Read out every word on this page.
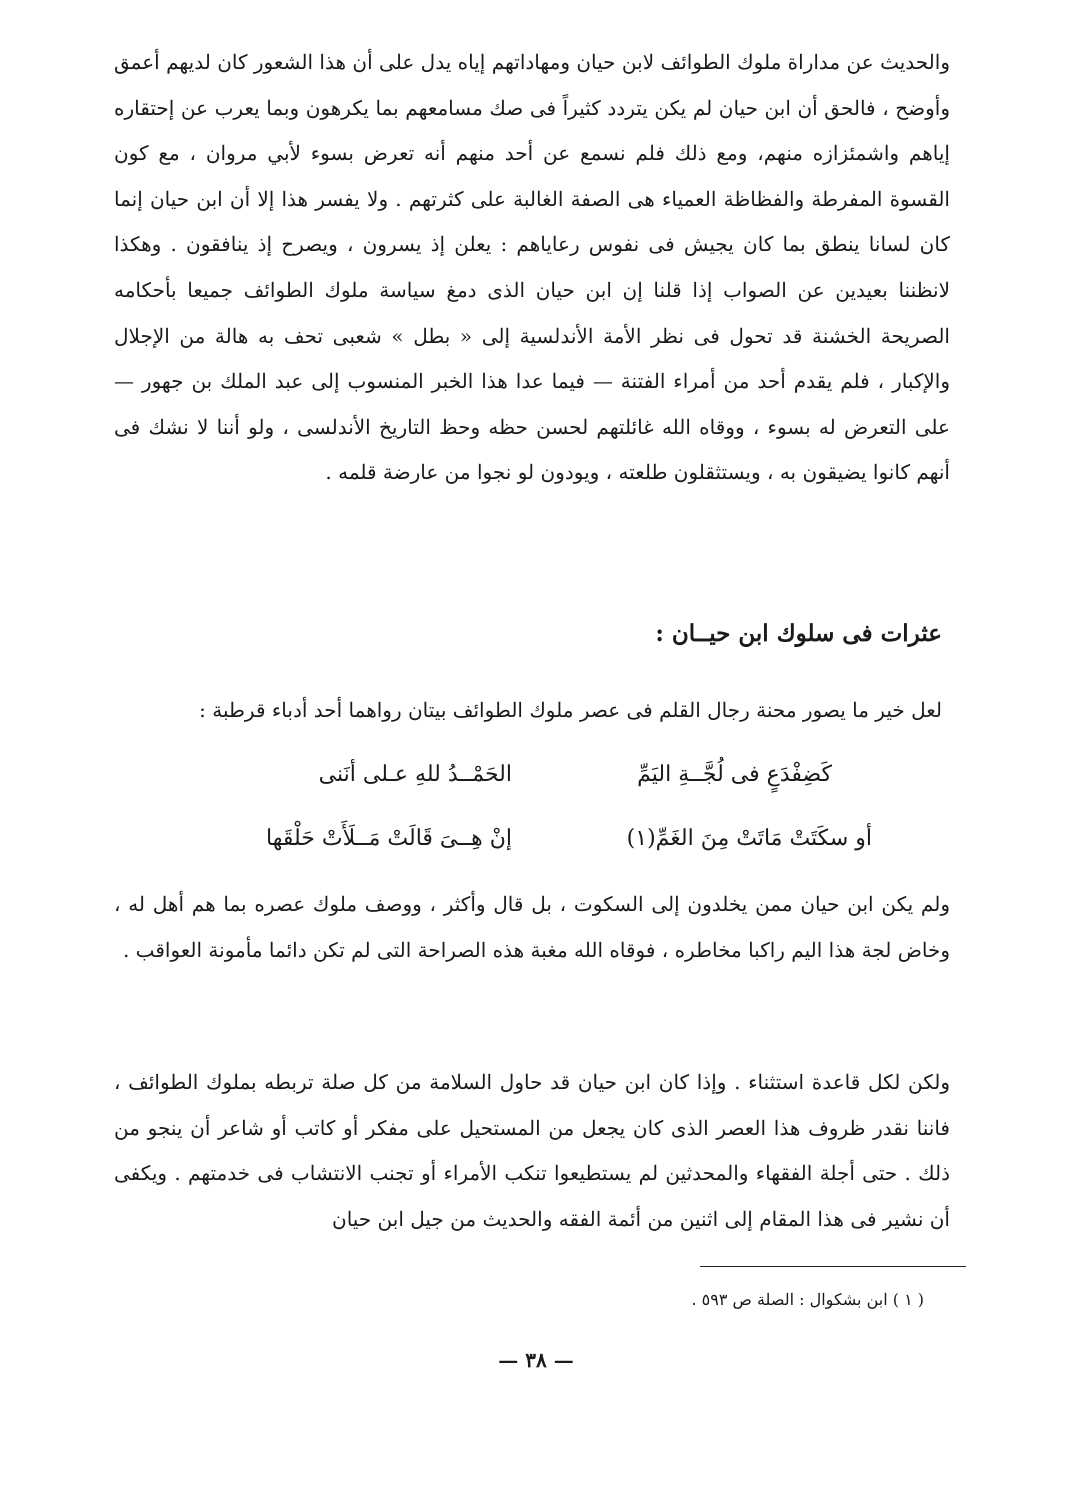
والحديث عن مداراة ملوك الطوائف لابن حيان ومهاداتهم إياه يدل على أن هذا الشعور كان لديهم أعمق وأوضح ، فالحق أن ابن حيان لم يكن يتردد كثيراً فى صك مسامعهم بما يكرهون وبما يعرب عن إحتقاره إياهم واشمئزازه منهم، ومع ذلك فلم نسمع عن أحد منهم أنه تعرض بسوء لأبي مروان ، مع كون القسوة المفرطة والفظاظة العمياء هى الصفة الغالبة على كثرتهم . ولا يفسر هذا إلا أن ابن حيان إنما كان لسانا ينطق بما كان يجيش فى نفوس رعاياهم : يعلن إذ يسرون ، ويصرح إذ ينافقون . وهكذا لانظننا بعيدين عن الصواب إذا قلنا إن ابن حيان الذى دمغ سياسة ملوك الطوائف جميعا بأحكامه الصريحة الخشنة قد تحول فى نظر الأمة الأندلسية إلى « بطل » شعبى تحف به هالة من الإجلال والإكبار ، فلم يقدم أحد من أمراء الفتنة — فيما عدا هذا الخبر المنسوب إلى عبد الملك بن جهور — على التعرض له بسوء ، ووقاه الله غائلتهم لحسن حظه وحظ التاريخ الأندلسى ، ولو أننا لا نشك فى أنهم كانوا يضيقون به ، ويستثقلون طلعته ، ويودون لو نجوا من عارضة قلمه .

عثرات فى سلوك ابن حيــان :

لعل خير ما يصور محنة رجال القلم فى عصر ملوك الطوائف بيتان رواهما أحد أدباء قرطبة :

الحَمْــدُ للهِ عـلى أنَنى	كَضِفْدَعٍ فى لُجَّــةِ اليَمِّ
إنْ هِــىَ قَالَتْ مَــلَأَتْ حَلْقَها	أو سكَتَتْ مَاتَتْ مِنَ الغَمِّ(١)

ولم يكن ابن حيان ممن يخلدون إلى السكوت ، بل قال وأكثر ، ووصف ملوك عصره بما هم أهل له ، وخاض لجة هذا اليم راكبا مخاطره ، فوقاه الله مغبة هذه الصراحة التى لم تكن دائما مأمونة العواقب .

ولكن لكل قاعدة استثناء . وإذا كان ابن حيان قد حاول السلامة من كل صلة تربطه بملوك الطوائف ، فاننا نقدر ظروف هذا العصر الذى كان يجعل من المستحيل على مفكر أو كاتب أو شاعر أن ينجو من ذلك . حتى أجلة الفقهاء والمحدثين لم يستطيعوا تنكب الأمراء أو تجنب الانتشاب فى خدمتهم . ويكفى أن نشير فى هذا المقام إلى اثنين من أئمة الفقه والحديث من جيل ابن حيان

( ١ ) ابن بشكوال : الصلة ص ٥٩٣ .

— ٣٨ —
